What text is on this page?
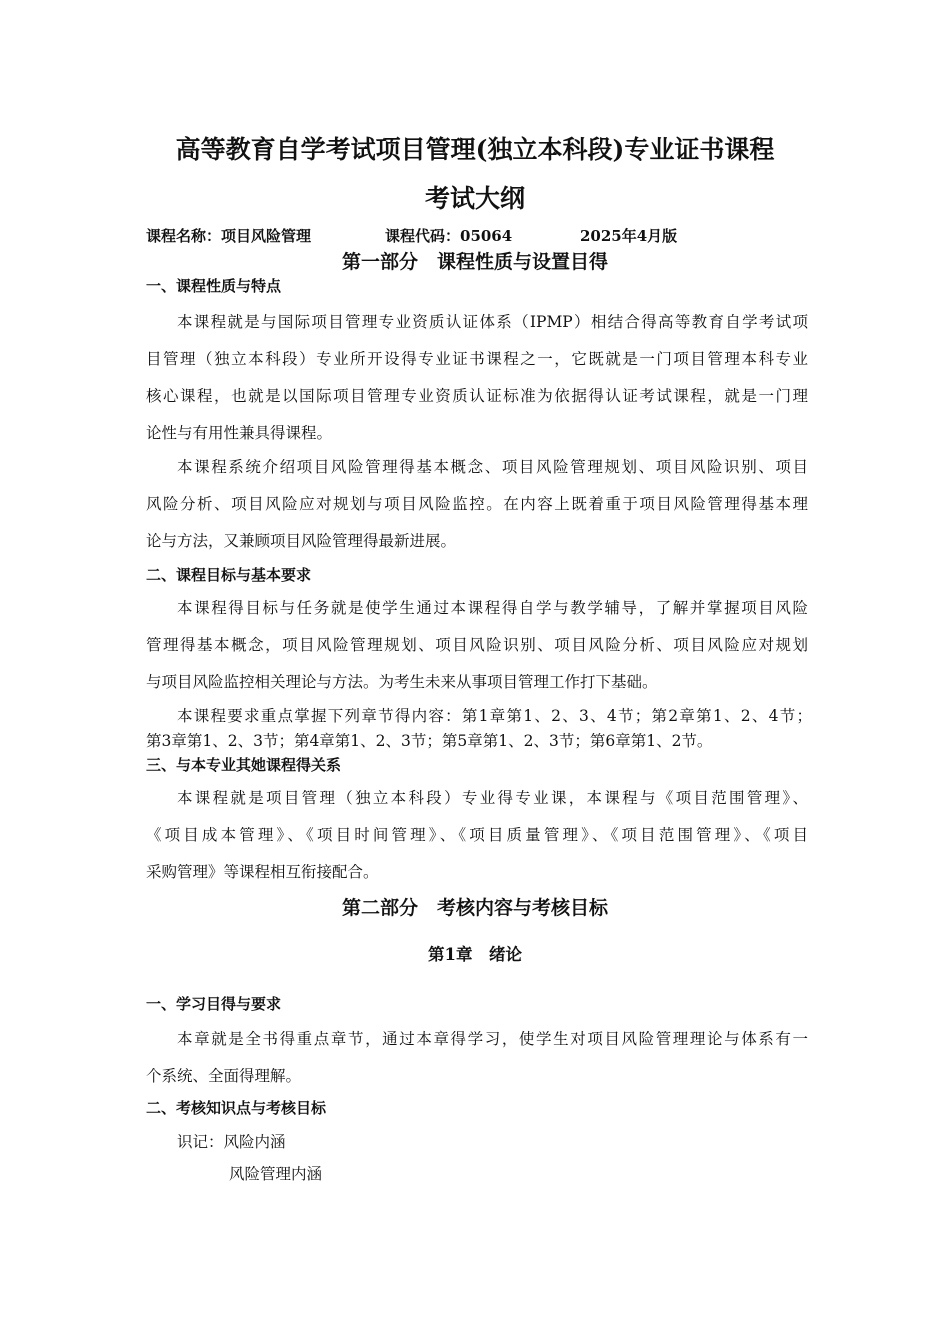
高等教育自学考试项目管理(独立本科段)专业证书课程

考试大纲

课程名称：项目风险管理	课程代码：05064	2025年4月版

第一部分　课程性质与设置目得

一、课程性质与特点

本课程就是与国际项目管理专业资质认证体系（IPMP）相结合得高等教育自学考试项

目管理（独立本科段）专业所开设得专业证书课程之一，它既就是一门项目管理本科专业

核心课程，也就是以国际项目管理专业资质认证标准为依据得认证考试课程，就是一门理

论性与有用性兼具得课程。

本课程系统介绍项目风险管理得基本概念、项目风险管理规划、项目风险识别、项目

风险分析、项目风险应对规划与项目风险监控。在内容上既着重于项目风险管理得基本理

论与方法，又兼顾项目风险管理得最新进展。

二、课程目标与基本要求

本课程得目标与任务就是使学生通过本课程得自学与教学辅导，了解并掌握项目风险

管理得基本概念，项目风险管理规划、项目风险识别、项目风险分析、项目风险应对规划

与项目风险监控相关理论与方法。为考生未来从事项目管理工作打下基础。

本课程要求重点掌握下列章节得内容：第1章第1、2、3、4节；第2章第1、2、4节；

第3章第1、2、3节；第4章第1、2、3节；第5章第1、2、3节；第6章第1、2节。

三、与本专业其她课程得关系

本课程就是项目管理（独立本科段）专业得专业课，本课程与《项目范围管理》、

《项目成本管理》、《项目时间管理》、《项目质量管理》、《项目范围管理》、《项目

采购管理》等课程相互衔接配合。

第二部分　考核内容与考核目标

第1章　绪论

一、学习目得与要求

本章就是全书得重点章节，通过本章得学习，使学生对项目风险管理理论与体系有一

个系统、全面得理解。

二、考核知识点与考核目标

识记：风险内涵

风险管理内涵
